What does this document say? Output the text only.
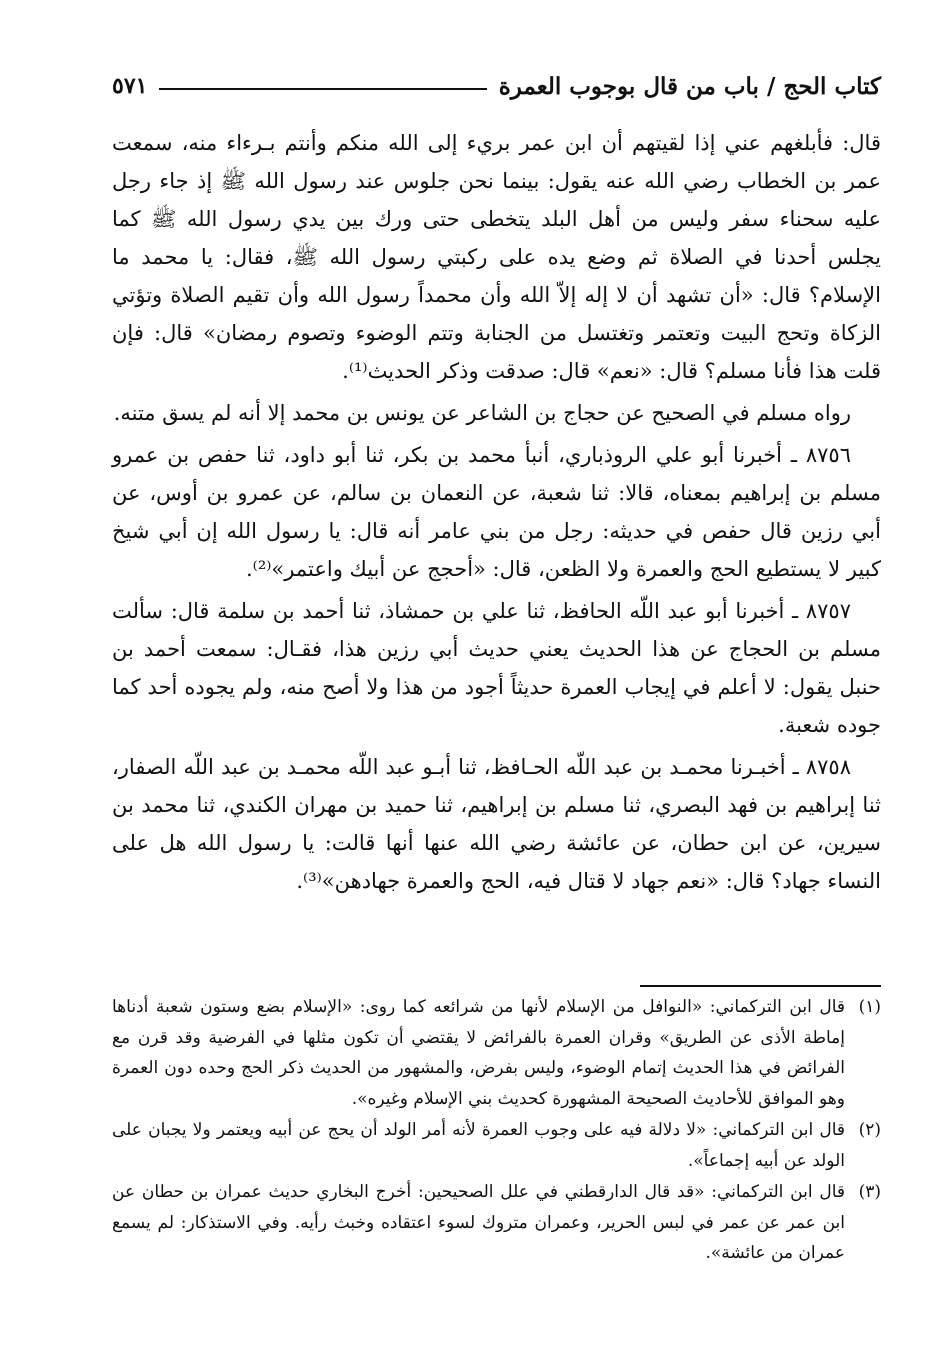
كتاب الحج / باب من قال بوجوب العمرة
٥٧١

قال: فأبلغهم عني إذا لقيتهم أن ابن عمر بريء إلى الله منكم وأنتم بـرءاء منه، سمعت عمر بن الخطاب رضي الله عنه يقول: بينما نحن جلوس عند رسول الله ﷺ إذ جاء رجل عليه سحناء سفر وليس من أهل البلد يتخطى حتى ورك بين يدي رسول الله ﷺ كما يجلس أحدنا في الصلاة ثم وضع يده على ركبتي رسول الله ﷺ، فقال: يا محمد ما الإسلام؟ قال: «أن تشهد أن لا إله إلاّ الله وأن محمداً رسول الله وأن تقيم الصلاة وتؤتي الزكاة وتحج البيت وتعتمر وتغتسل من الجنابة وتتم الوضوء وتصوم رمضان» قال: فإن قلت هذا فأنا مسلم؟ قال: «نعم» قال: صدقت وذكر الحديث⁽¹⁾.

رواه مسلم في الصحيح عن حجاج بن الشاعر عن يونس بن محمد إلا أنه لم يسق متنه.

٨٧٥٦ ـ أخبرنا أبو علي الروذباري، أنبأ محمد بن بكر، ثنا أبو داود، ثنا حفص بن عمرو مسلم بن إبراهيم بمعناه، قالا: ثنا شعبة، عن النعمان بن سالم، عن عمرو بن أوس، عن أبي رزين قال حفص في حديثه: رجل من بني عامر أنه قال: يا رسول الله إن أبي شيخ كبير لا يستطيع الحج والعمرة ولا الظعن، قال: «أحجج عن أبيك واعتمر»⁽²⁾.

٨٧٥٧ ـ أخبرنا أبو عبد اللّه الحافظ، ثنا علي بن حمشاذ، ثنا أحمد بن سلمة قال: سألت مسلم بن الحجاج عن هذا الحديث يعني حديث أبي رزين هذا، فقـال: سمعت أحمد بن حنبل يقول: لا أعلم في إيجاب العمرة حديثاً أجود من هذا ولا أصح منه، ولم يجوده أحد كما جوده شعبة.

٨٧٥٨ ـ أخبـرنا محمـد بن عبد اللّه الحـافظ، ثنا أبـو عبد اللّه محمـد بن عبد اللّه الصفار، ثنا إبراهيم بن فهد البصري، ثنا مسلم بن إبراهيم، ثنا حميد بن مهران الكندي، ثنا محمد بن سيرين، عن ابن حطان، عن عائشة رضي الله عنها أنها قالت: يا رسول الله هل على النساء جهاد؟ قال: «نعم جهاد لا قتال فيه، الحج والعمرة جهادهن»⁽³⁾.

(١)
قال ابن التركماني: «النوافل من الإسلام لأنها من شرائعه كما روى: «الإسلام بضع وستون شعبة أدناها إماطة الأذى عن الطريق» وقران العمرة بالفرائض لا يقتضي أن تكون مثلها في الفرضية وقد قرن مع الفرائض في هذا الحديث إتمام الوضوء، وليس بفرض، والمشهور من الحديث ذكر الحج وحده دون العمرة وهو الموافق للأحاديث الصحيحة المشهورة كحديث بني الإسلام وغيره».
(٢)
قال ابن التركماني: «لا دلالة فيه على وجوب العمرة لأنه أمر الولد أن يحج عن أبيه ويعتمر ولا يجبان على الولد عن أبيه إجماعاً».
(٣)
قال ابن التركماني: «قد قال الدارقطني في علل الصحيحين: أخرج البخاري حديث عمران بن حطان عن ابن عمر عن عمر في لبس الحرير، وعمران متروك لسوء اعتقاده وخبث رأيه. وفي الاستذكار: لم يسمع عمران من عائشة».
